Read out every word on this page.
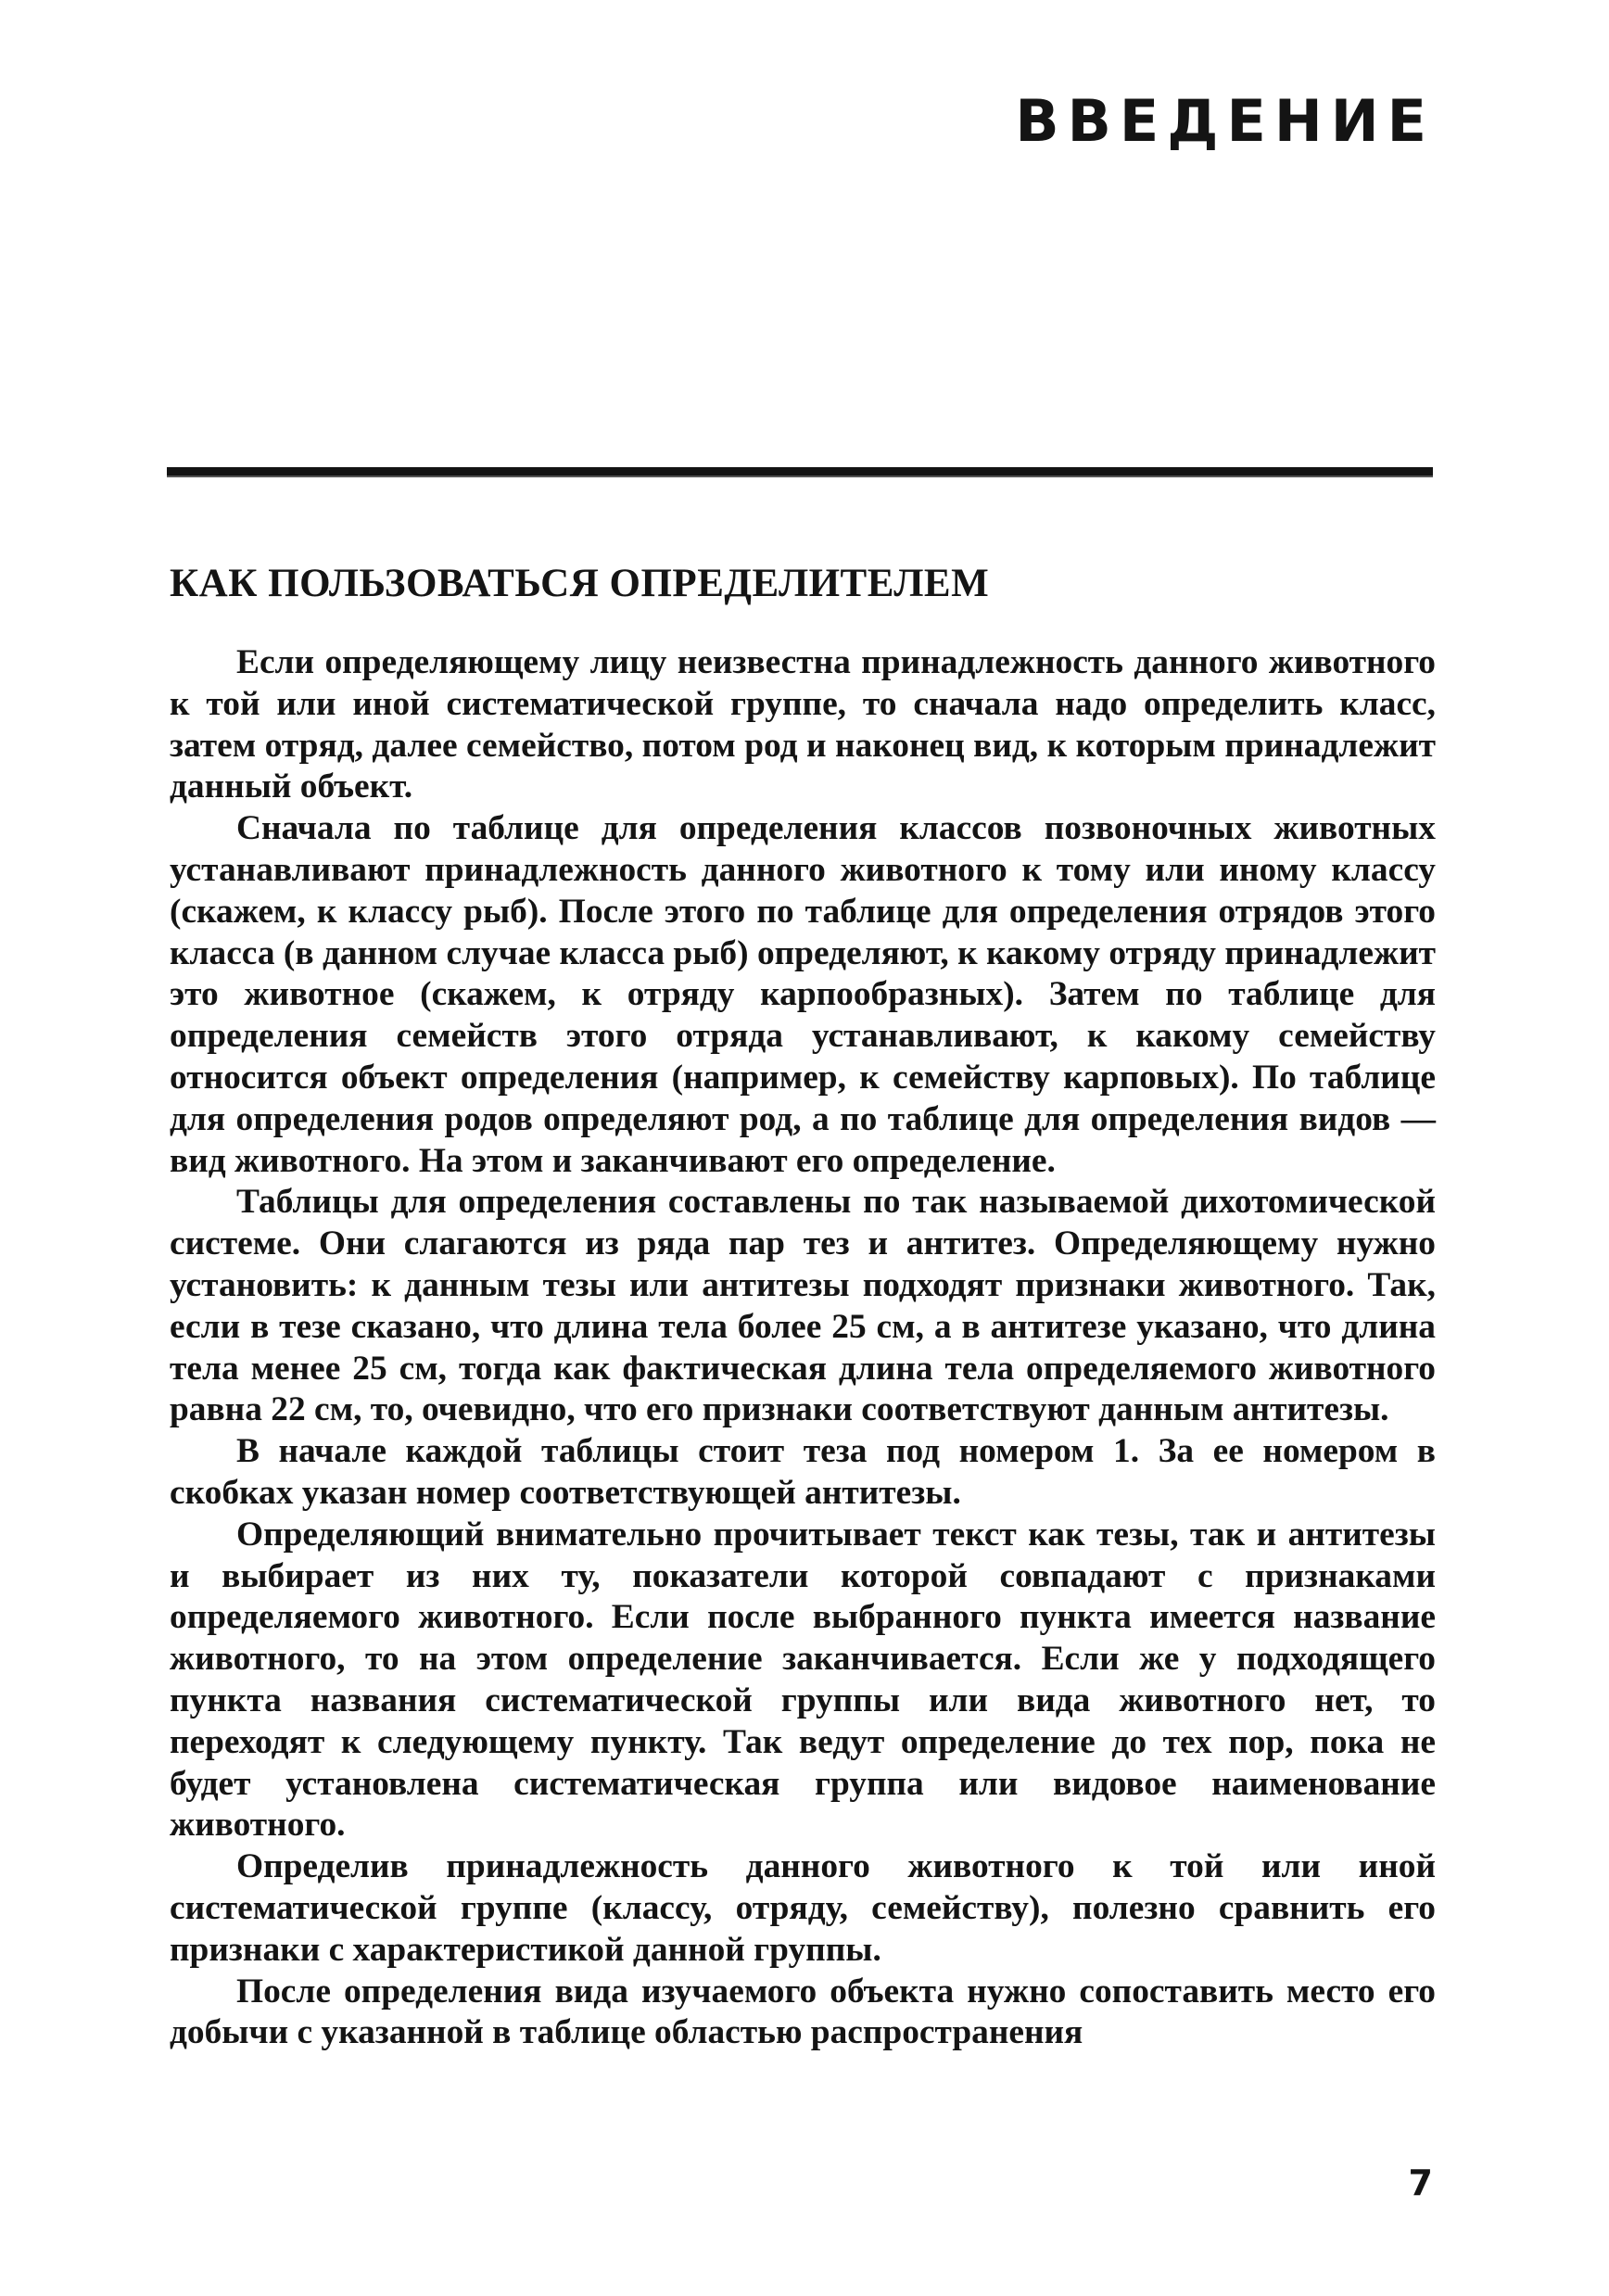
ВВЕДЕНИЕ
КАК ПОЛЬЗОВАТЬСЯ ОПРЕДЕЛИТЕЛЕМ

Если определяющему лицу неизвестна принадлежность данного животного к той или иной систематической группе, то сначала надо определить класс, затем отряд, далее семейство, потом род и наконец вид, к которым принадлежит данный объект.

Сначала по таблице для определения классов позвоночных животных устанавливают принадлежность данного животного к тому или иному классу (скажем, к классу рыб). После этого по таблице для определения отрядов этого класса (в данном случае класса рыб) определяют, к какому отряду принадлежит это животное (скажем, к отряду карпообразных). Затем по таблице для определения семейств этого отряда устанавливают, к какому семейству относится объект определения (например, к семейству карповых). По таблице для определения родов определяют род, а по таблице для определения видов — вид животного. На этом и заканчивают его определение.

Таблицы для определения составлены по так называемой дихотомической системе. Они слагаются из ряда пар тез и антитез. Определяющему нужно установить: к данным тезы или антитезы подходят признаки животного. Так, если в тезе сказано, что длина тела более 25 см, а в антитезе указано, что длина тела менее 25 см, тогда как фактическая длина тела определяемого животного равна 22 см, то, очевидно, что его признаки соответствуют данным антитезы.

В начале каждой таблицы стоит теза под номером 1. За ее номером в скобках указан номер соответствующей антитезы.

Определяющий внимательно прочитывает текст как тезы, так и антитезы и выбирает из них ту, показатели которой совпадают с признаками определяемого животного. Если после выбранного пункта имеется название животного, то на этом определение заканчивается. Если же у подходящего пункта названия систематической группы или вида животного нет, то переходят к следующему пункту. Так ведут определение до тех пор, пока не будет установлена систематическая группа или видовое наименование животного.

Определив принадлежность данного животного к той или иной систематической группе (классу, отряду, семейству), полезно сравнить его признаки с характеристикой данной группы.

После определения вида изучаемого объекта нужно сопоставить место его добычи с указанной в таблице областью распространения

7
